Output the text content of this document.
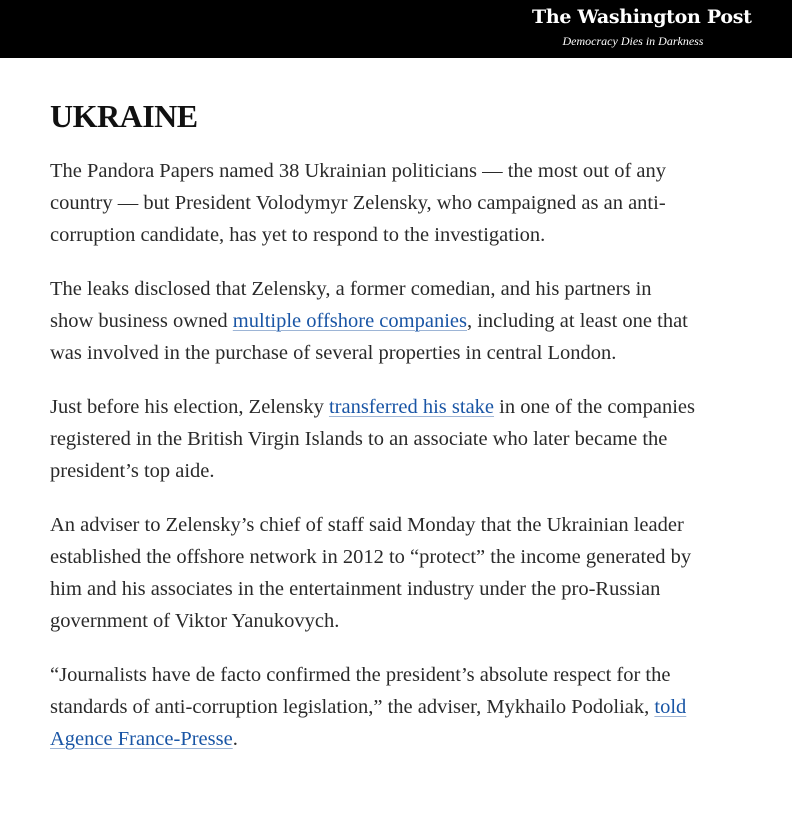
The Washington Post
Democracy Dies in Darkness
UKRAINE

The Pandora Papers named 38 Ukrainian politicians — the most out of any country — but President Volodymyr Zelensky, who campaigned as an anti-corruption candidate, has yet to respond to the investigation.

The leaks disclosed that Zelensky, a former comedian, and his partners in show business owned multiple offshore companies, including at least one that was involved in the purchase of several properties in central London.

Just before his election, Zelensky transferred his stake in one of the companies registered in the British Virgin Islands to an associate who later became the president’s top aide.

An adviser to Zelensky’s chief of staff said Monday that the Ukrainian leader established the offshore network in 2012 to “protect” the income generated by him and his associates in the entertainment industry under the pro-Russian government of Viktor Yanukovych.

“Journalists have de facto confirmed the president’s absolute respect for the standards of anti-corruption legislation,” the adviser, Mykhailo Podoliak, told Agence France-Presse.
